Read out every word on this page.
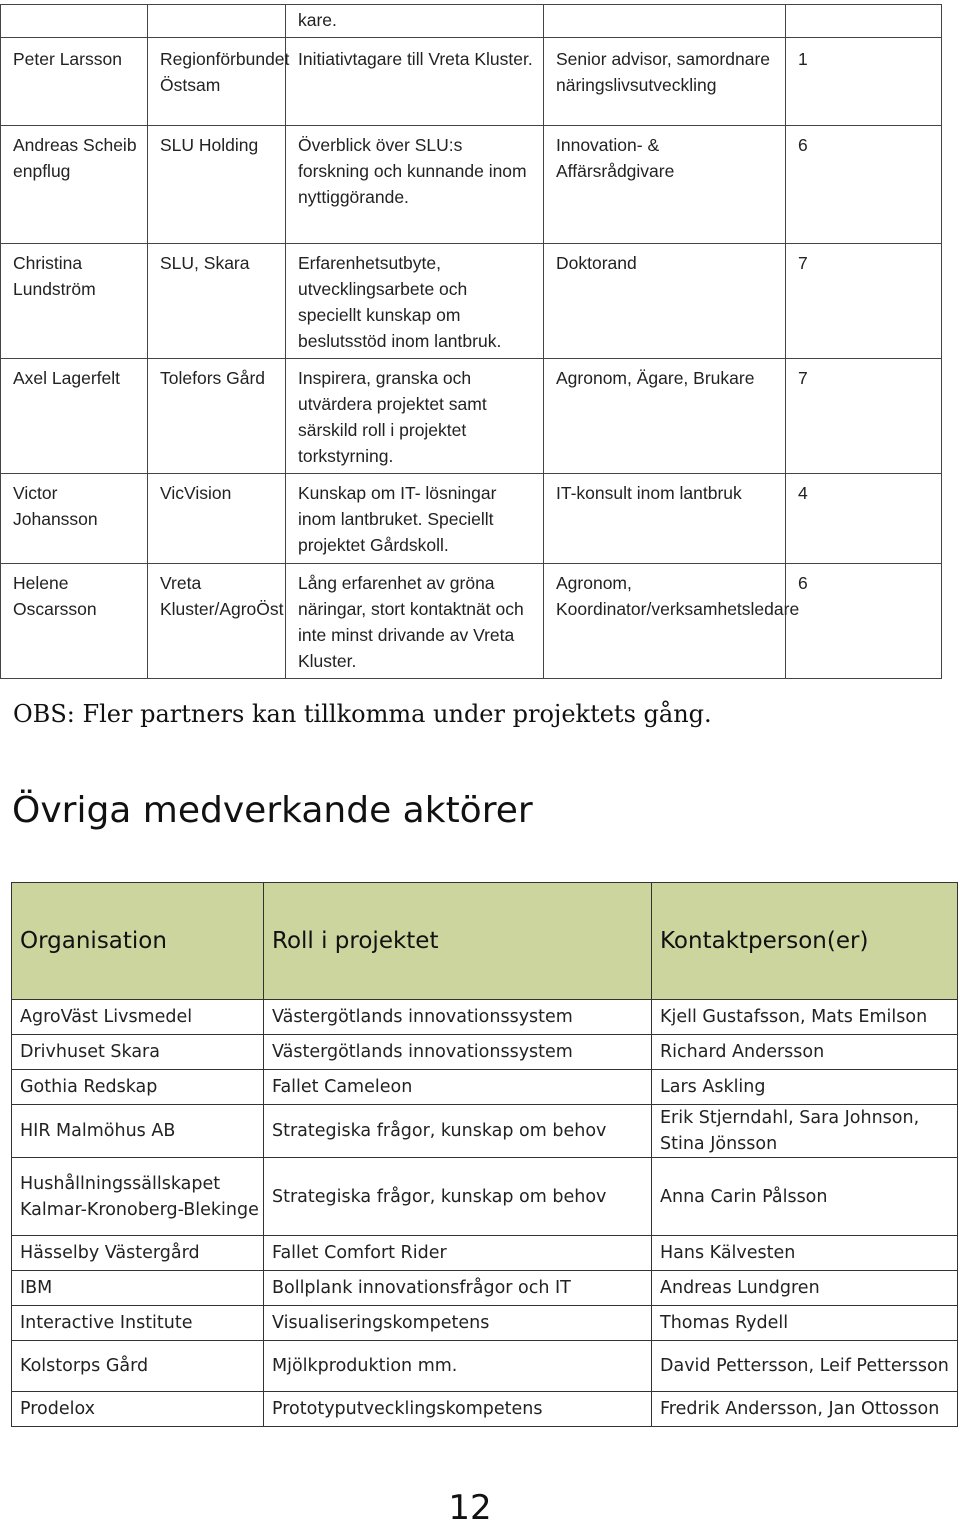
		kare.		
Peter Larsson	Regionförbundet Östsam	Initiativtagare till Vreta Kluster.	Senior advisor, samordnare näringslivsutveckling	1
Andreas Scheibenpflug	SLU Holding	Överblick över SLU:s forskning och kunnande inom nyttiggörande.	Innovation- & Affärsrådgivare	6
Christina Lundström	SLU, Skara	Erfarenhetsutbyte, utvecklingsarbete och speciellt kunskap om beslutsstöd inom lantbruk.	Doktorand	7
Axel Lagerfelt	Tolefors Gård	Inspirera, granska och utvärdera projektet samt särskild roll i projektet torkstyrning.	Agronom, Ägare, Brukare	7
Victor Johansson	VicVision	Kunskap om IT- lösningar inom lantbruket. Speciellt projektet Gårdskoll.	IT-konsult inom lantbruk	4
Helene Oscarsson	Vreta Kluster/AgroÖst	Lång erfarenhet av gröna näringar, stort kontaktnät och inte minst drivande av Vreta Kluster.	Agronom, Koordinator/verksamhetsledare	6

OBS: Fler partners kan tillkomma under projektets gång.

Övriga medverkande aktörer
Organisation	Roll i projektet	Kontaktperson(er)
AgroVäst Livsmedel	Västergötlands innovationssystem	Kjell Gustafsson, Mats Emilson
Drivhuset Skara	Västergötlands innovationssystem	Richard Andersson
Gothia Redskap	Fallet Cameleon	Lars Askling
HIR Malmöhus AB	Strategiska frågor, kunskap om behov	Erik Stjerndahl, Sara Johnson, Stina Jönsson
Hushållningssällskapet Kalmar-Kronoberg-Blekinge	Strategiska frågor, kunskap om behov	Anna Carin Pålsson
Hässelby Västergård	Fallet Comfort Rider	Hans Kälvesten
IBM	Bollplank innovationsfrågor och IT	Andreas Lundgren
Interactive Institute	Visualiseringskompetens	Thomas Rydell
Kolstorps Gård	Mjölkproduktion mm.	David Pettersson, Leif Pettersson
Prodelox	Prototyputvecklingskompetens	Fredrik Andersson, Jan Ottosson

12
